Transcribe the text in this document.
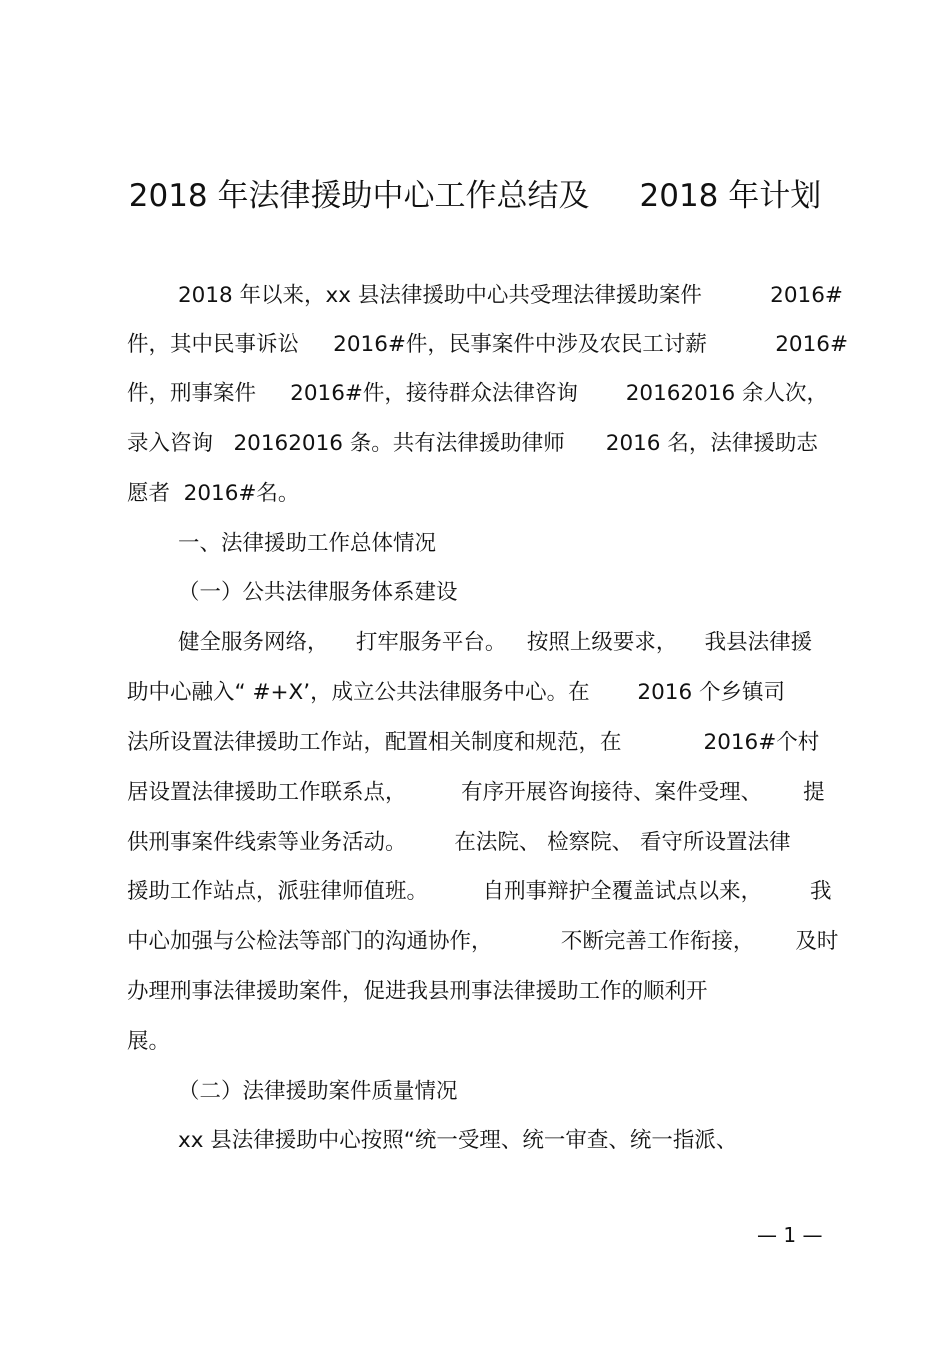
2018 年法律援助中心工作总结及 2018 年计划
2018 年以来，xx 县法律援助中心共受理法律援助案件          2016#
件，其中民事诉讼     2016#件，民事案件中涉及农民工讨薪          2016#
件，刑事案件     2016#件，接待群众法律咨询       20162016 余人次，
录入咨询   20162016 条。共有法律援助律师      2016 名，法律援助志
愿者  2016#名。
一、法律援助工作总体情况
（一）公共法律服务体系建设
健全服务网络，    打牢服务平台。   按照上级要求，    我县法律援
助中心融入“ #+X’，成立公共法律服务中心。在       2016 个乡镇司
法所设置法律援助工作站，配置相关制度和规范，在            2016#个村
居设置法律援助工作联系点，        有序开展咨询接待、案件受理、      提
供刑事案件线索等业务活动。       在法院、 检察院、 看守所设置法律
援助工作站点，派驻律师值班。        自刑事辩护全覆盖试点以来，       我
中心加强与公检法等部门的沟通协作，          不断完善工作衔接，      及时
办理刑事法律援助案件，促进我县刑事法律援助工作的顺利开
展。
（二）法律援助案件质量情况
xx 县法律援助中心按照“统一受理、统一审查、统一指派、
— 1 —
